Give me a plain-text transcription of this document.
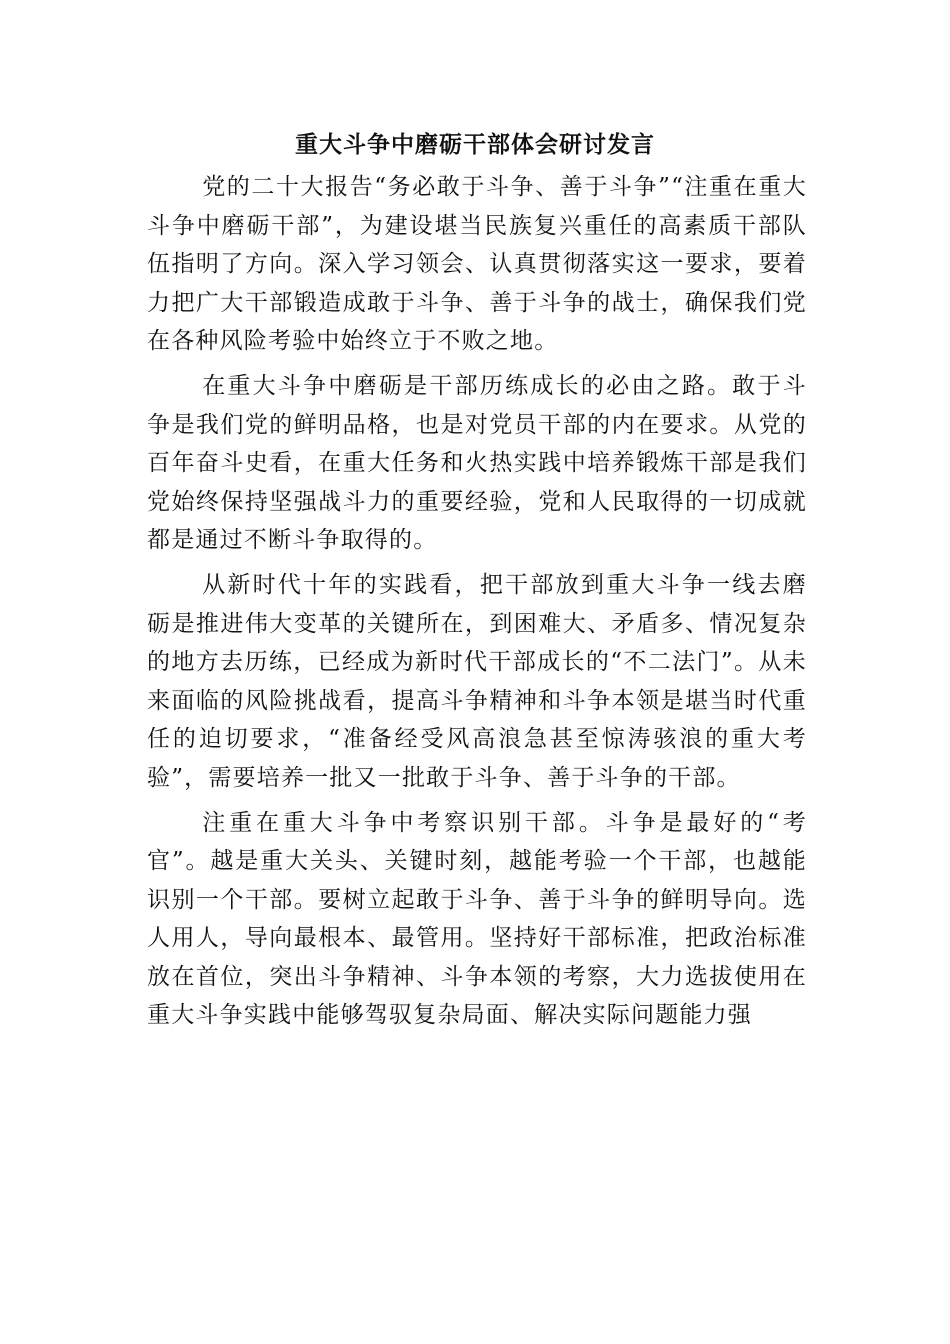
重大斗争中磨砺干部体会研讨发言

党的二十大报告“务必敢于斗争、善于斗争”“注重在重大斗争中磨砺干部”，为建设堪当民族复兴重任的高素质干部队伍指明了方向。深入学习领会、认真贯彻落实这一要求，要着力把广大干部锻造成敢于斗争、善于斗争的战士，确保我们党在各种风险考验中始终立于不败之地。

在重大斗争中磨砺是干部历练成长的必由之路。敢于斗争是我们党的鲜明品格，也是对党员干部的内在要求。从党的百年奋斗史看，在重大任务和火热实践中培养锻炼干部是我们党始终保持坚强战斗力的重要经验，党和人民取得的一切成就都是通过不断斗争取得的。

从新时代十年的实践看，把干部放到重大斗争一线去磨砺是推进伟大变革的关键所在，到困难大、矛盾多、情况复杂的地方去历练，已经成为新时代干部成长的“不二法门”。从未来面临的风险挑战看，提高斗争精神和斗争本领是堪当时代重任的迫切要求，“准备经受风高浪急甚至惊涛骇浪的重大考验”，需要培养一批又一批敢于斗争、善于斗争的干部。

注重在重大斗争中考察识别干部。斗争是最好的“考官”。越是重大关头、关键时刻，越能考验一个干部，也越能识别一个干部。要树立起敢于斗争、善于斗争的鲜明导向。选人用人，导向最根本、最管用。坚持好干部标准，把政治标准放在首位，突出斗争精神、斗争本领的考察，大力选拔使用在重大斗争实践中能够驾驭复杂局面、解决实际问题能力强
